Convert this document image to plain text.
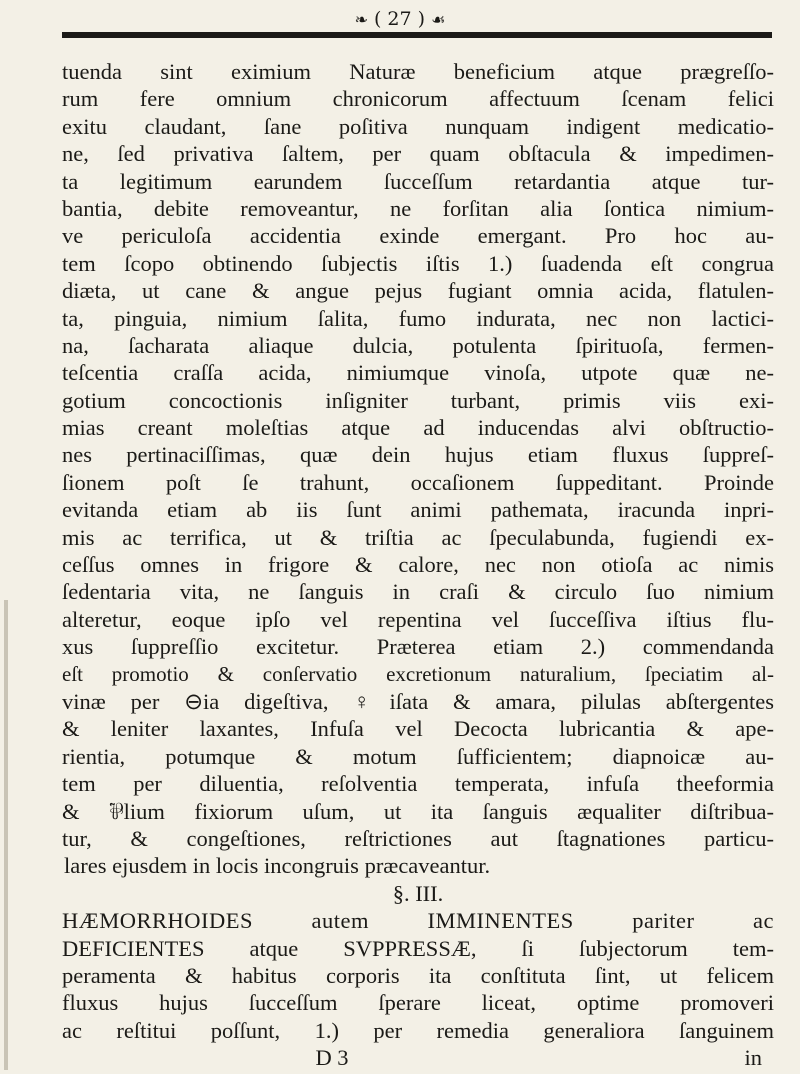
❧ ( 27 ) ☙
tuenda sint eximium Naturæ beneficium atque prægreſſo-
rum fere omnium chronicorum affectuum ſcenam felici
exitu claudant, ſane poſitiva nunquam indigent medicatio-
ne, ſed privativa ſaltem, per quam obſtacula & impedimen-
ta legitimum earundem ſucceſſum retardantia atque tur-
bantia, debite removeantur, ne forſitan alia ſontica nimium-
ve periculoſa accidentia exinde emergant. Pro hoc au-
tem ſcopo obtinendo ſubjectis iſtis 1.) ſuadenda eſt congrua
diæta, ut cane & angue pejus fugiant omnia acida, flatulen-
ta, pinguia, nimium ſalita, fumo indurata, nec non lactici-
na, ſacharata aliaque dulcia, potulenta ſpirituoſa, fermen-
teſcentia craſſa acida, nimiumque vinoſa, utpote quæ ne-
gotium concoctionis inſigniter turbant, primis viis exi-
mias creant moleſtias atque ad inducendas alvi obſtructio-
nes pertinaciſſimas, quæ dein hujus etiam fluxus ſuppreſ-
ſionem poſt ſe trahunt, occaſionem ſuppeditant. Proinde
evitanda etiam ab iis ſunt animi pathemata, iracunda inpri-
mis ac terrifica, ut & triſtia ac ſpeculabunda, fugiendi ex-
ceſſus omnes in frigore & calore, nec non otioſa ac nimis
ſedentaria vita, ne ſanguis in craſi & circulo ſuo nimium
alteretur, eoque ipſo vel repentina vel ſucceſſiva iſtius flu-
xus ſuppreſſio excitetur. Præterea etiam 2.) commendanda
eſt promotio & conſervatio excretionum naturalium, ſpeciatim al-
vinæ per ⊖ia digeſtiva, ♀iſata & amara, pilulas abſtergentes
& leniter laxantes, Infuſa vel Decocta lubricantia & ape-
rientia, potumque & motum ſufficientem; diapnoicæ au-
tem per diluentia, reſolventia temperata, infuſa theeformia
& ⅌lium fixiorum uſum, ut ita ſanguis æqualiter diſtribua-
tur, & congeſtiones, reſtrictiones aut ſtagnationes particu-
lares ejusdem in locis incongruis præcaveantur.
§. III.
HÆMORRHOIDES autem IMMINENTES pariter ac
DEFICIENTES atque SVPPRESSÆ, ſi ſubjectorum tem-
peramenta & habitus corporis ita conſtituta ſint, ut felicem
fluxus hujus ſucceſſum ſperare liceat, optime promoveri
ac reſtitui poſſunt, 1.) per remedia generaliora ſanguinem
D 3	in
